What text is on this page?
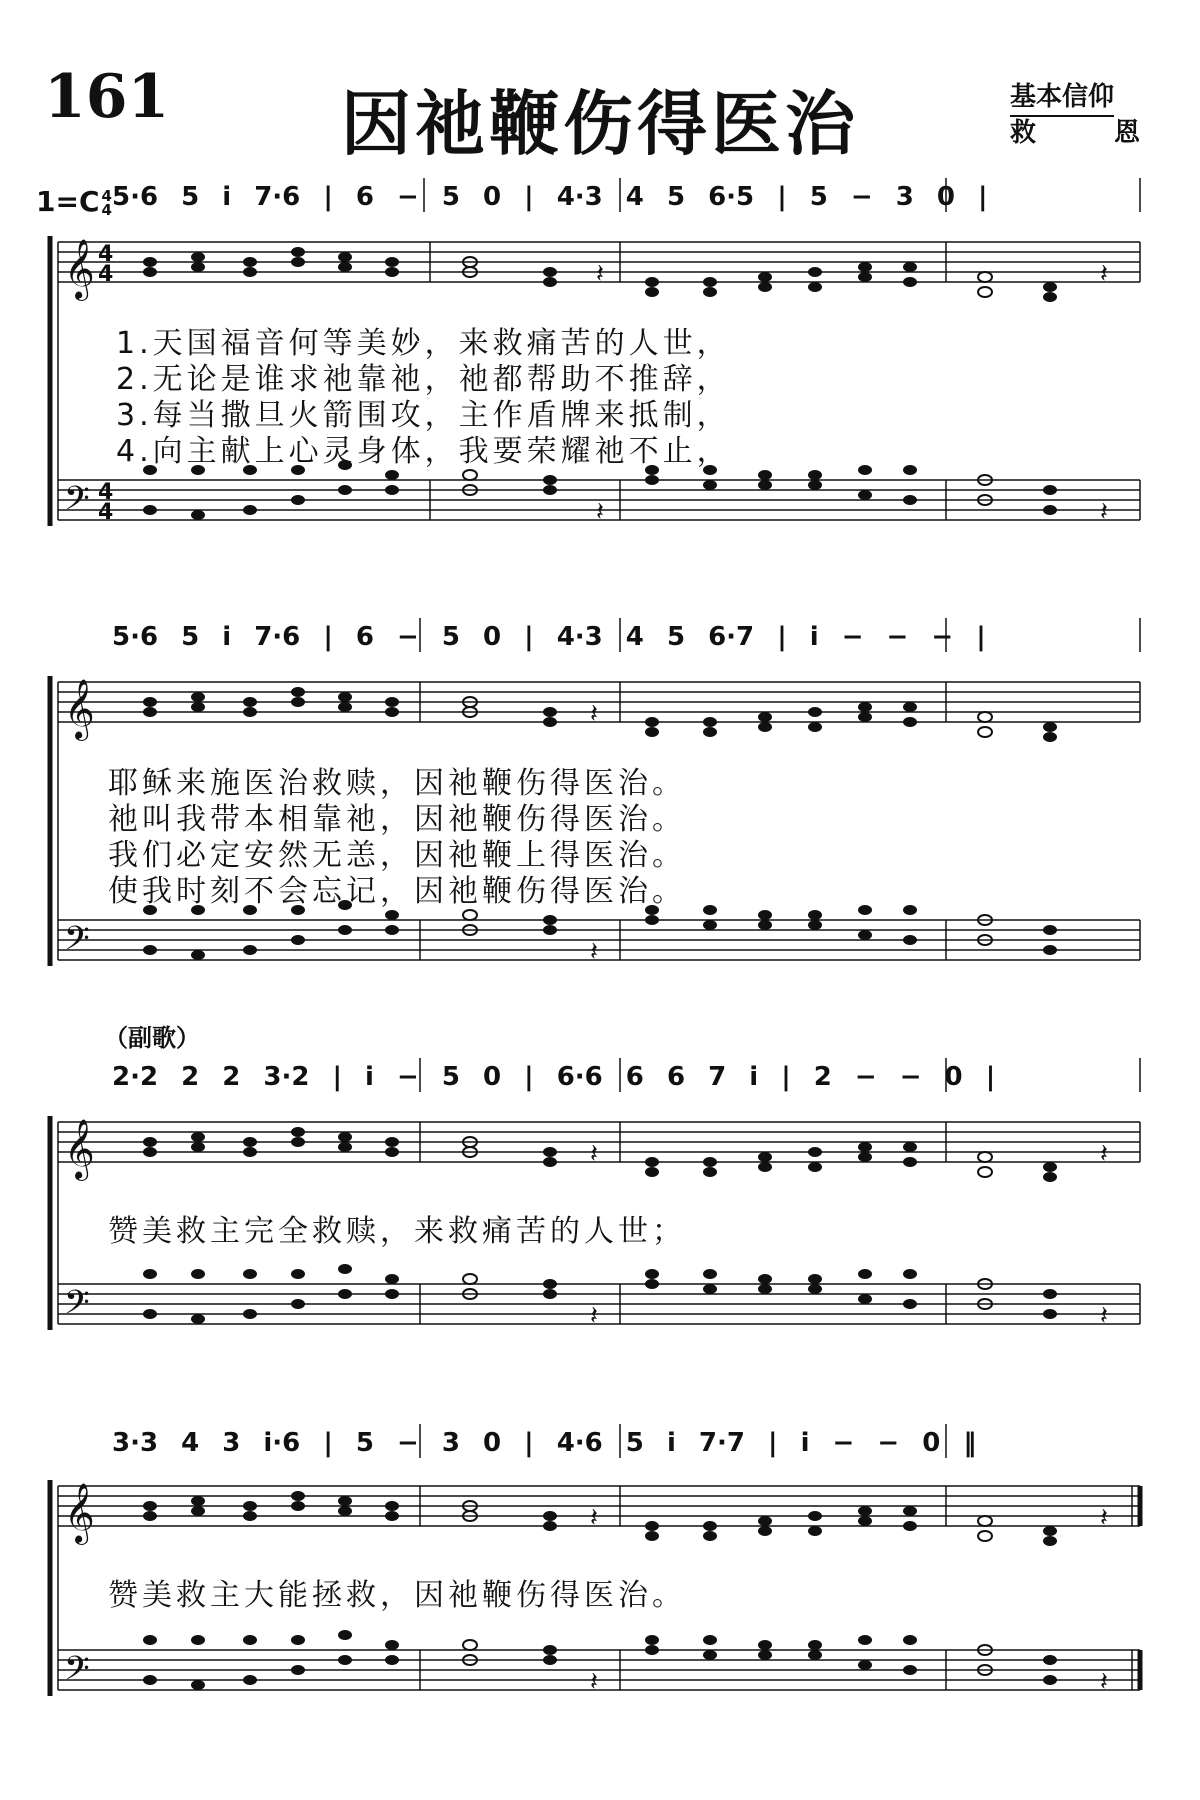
161	因祂鞭伤得医治	基本信仰
救恩
1=C 4
4 5·6 5 i 7·6 | 6 − 5 0 | 4·3 4 5 6·5 | 5 − 3 0 |
5·6 5 i 7·6 | 6 − 5 0 | 4·3 4 5 6·7 | i − − − |
（副歌）
2·2 2 2 3·2 | i − 5 0 | 6·6 6 6 7 i | 2 − − 0 |
3·3 4 3 i·6 | 5 − 3 0 | 4·6 5 i 7·7 | i − − 0 ‖
𝄞
𝄢
𝄞
𝄢
𝄞
𝄢
𝄞
𝄢
4
4
4
4
𝄽	𝄽
𝄽	𝄽
𝄽
𝄽
𝄽	𝄽
𝄽	𝄽
𝄽	𝄽
𝄽	𝄽
1.天国福音何等美妙，来救痛苦的人世，
2.无论是谁求祂靠祂，祂都帮助不推辞，
3.每当撒旦火箭围攻，主作盾牌来抵制，
4.向主献上心灵身体，我要荣耀祂不止，
耶稣来施医治救赎，因祂鞭伤得医治。
祂叫我带本相靠祂，因祂鞭伤得医治。
我们必定安然无恙，因祂鞭上得医治。
使我时刻不会忘记，因祂鞭伤得医治。
赞美救主完全救赎，来救痛苦的人世；
赞美救主大能拯救，因祂鞭伤得医治。
